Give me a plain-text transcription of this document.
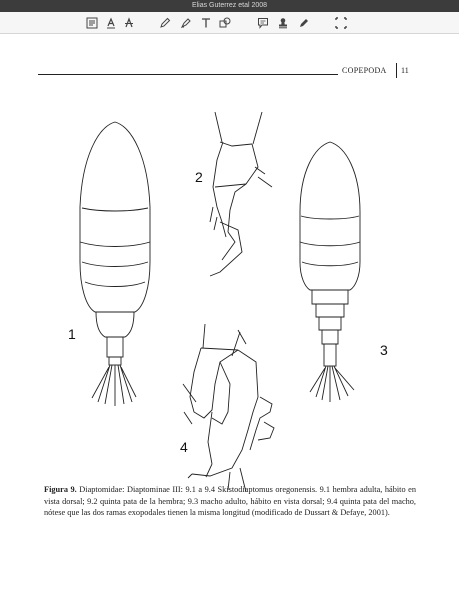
Elias Guterrez etal 2008
COPEPODA 11
1
2
3
4
Figura 9. Diaptomidae: Diaptominae III: 9.1 a 9.4 Skistodiaptomus oregonensis. 9.1 hembra adulta, hábito en vista dorsal; 9.2 quinta pata de la hembra; 9.3 macho adulto, hábito en vista dorsal; 9.4 quinta pata del macho, nótese que las dos ramas exopodales tienen la misma longitud (modificado de Dussart & Defaye, 2001).
